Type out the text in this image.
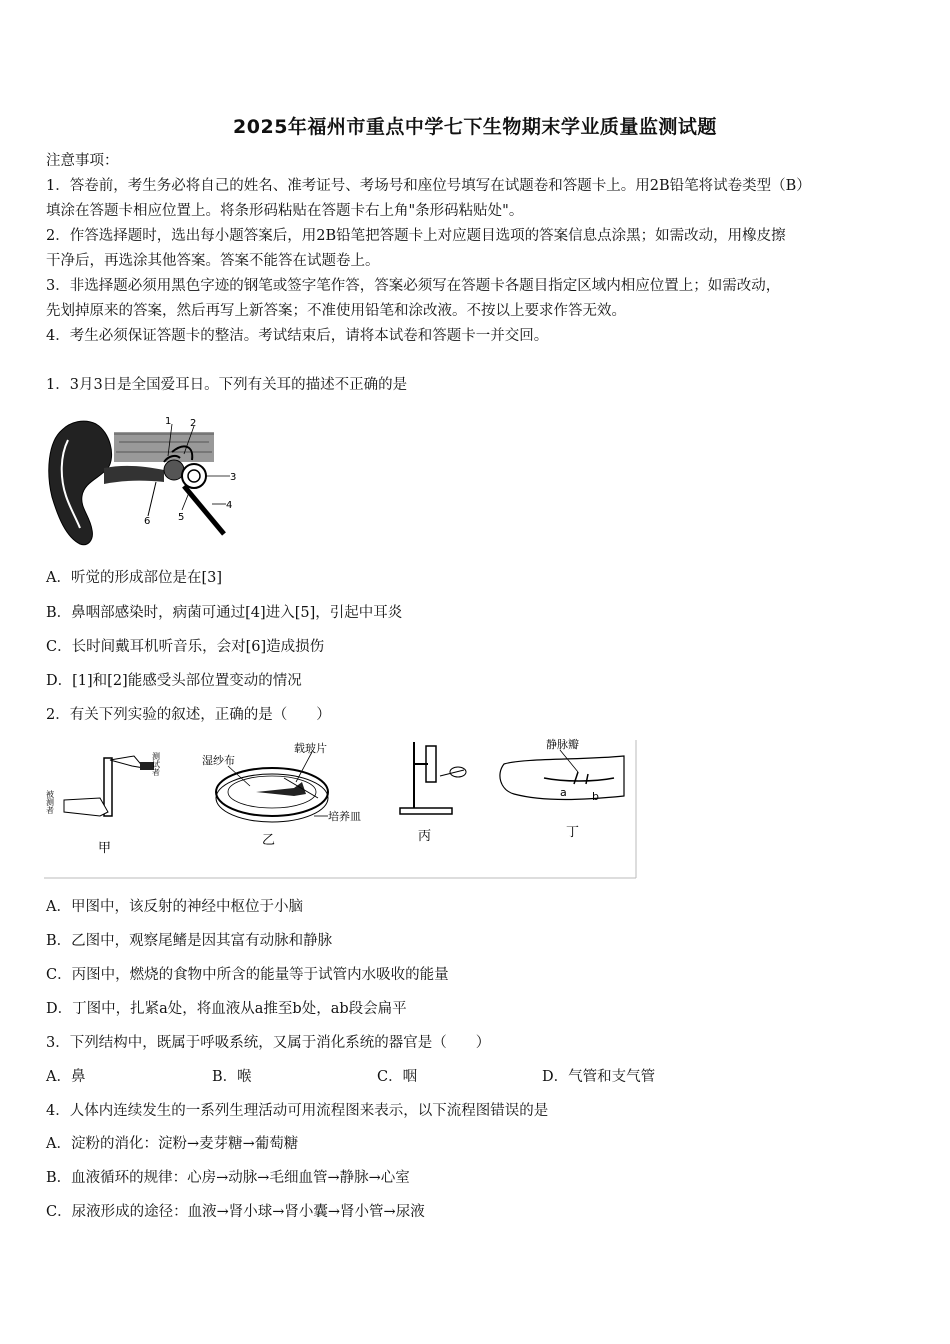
2025年福州市重点中学七下生物期末学业质量监测试题
注意事项：
1．答卷前，考生务必将自己的姓名、准考证号、考场号和座位号填写在试题卷和答题卡上。用2B铅笔将试卷类型（B）
填涂在答题卡相应位置上。将条形码粘贴在答题卡右上角"条形码粘贴处"。
2．作答选择题时，选出每小题答案后，用2B铅笔把答题卡上对应题目选项的答案信息点涂黑；如需改动，用橡皮擦
干净后，再选涂其他答案。答案不能答在试题卷上。
3．非选择题必须用黑色字迹的钢笔或签字笔作答，答案必须写在答题卡各题目指定区域内相应位置上；如需改动，
先划掉原来的答案，然后再写上新答案；不准使用铅笔和涂改液。不按以上要求作答无效。
4．考生必须保证答题卡的整洁。考试结束后，请将本试卷和答题卡一并交回。
1．3月3日是全国爱耳日。下列有关耳的描述不正确的是
1 2
3
4
5
6
A．听觉的形成部位是在[3]
B．鼻咽部感染时，病菌可通过[4]进入[5]，引起中耳炎
C．长时间戴耳机听音乐，会对[6]造成损伤
D．[1]和[2]能感受头部位置变动的情况
2．有关下列实验的叙述，正确的是（　　）
测试者
被测者
甲
湿纱布
载玻片
培养皿
乙	丙
静脉瓣
a b
丁
A．甲图中，该反射的神经中枢位于小脑
B．乙图中，观察尾鳍是因其富有动脉和静脉
C．丙图中，燃烧的食物中所含的能量等于试管内水吸收的能量
D．丁图中，扎紧a处，将血液从a推至b处，ab段会扁平
3．下列结构中，既属于呼吸系统，又属于消化系统的器官是（　　）
A．鼻	B．喉	C．咽	D．气管和支气管
4．人体内连续发生的一系列生理活动可用流程图来表示，以下流程图错误的是
A．淀粉的消化：淀粉→麦芽糖→葡萄糖
B．血液循环的规律：心房→动脉→毛细血管→静脉→心室
C．尿液形成的途径：血液→肾小球→肾小囊→肾小管→尿液
